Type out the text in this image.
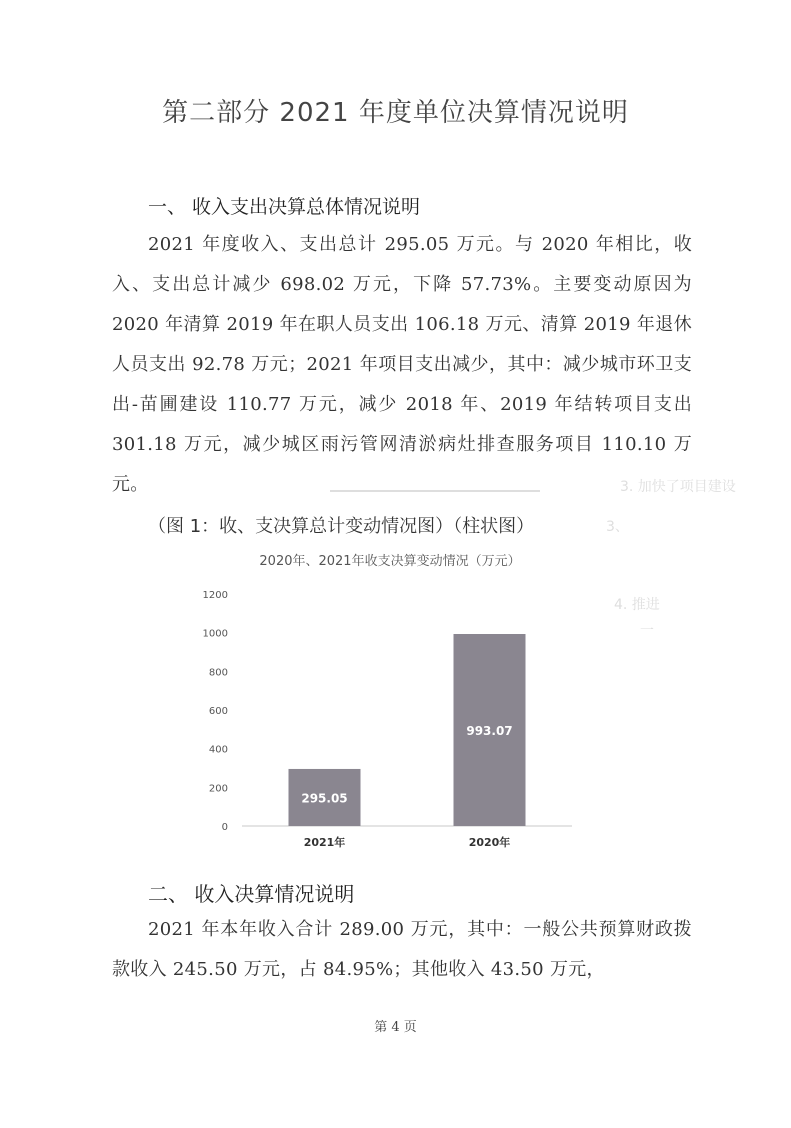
3. 加快了项目建设
3、
4. 推进
一
第二部分 2021 年度单位决算情况说明
一、 收入支出决算总体情况说明

2021 年度收入、支出总计 295.05 万元。与 2020 年相比，收入、支出总计减少 698.02 万元，下降 57.73%。主要变动原因为 2020 年清算 2019 年在职人员支出 106.18 万元、清算 2019 年退休人员支出 92.78 万元；2021 年项目支出减少，其中：减少城市环卫支出-苗圃建设 110.77 万元，减少 2018 年、2019 年结转项目支出 301.18 万元，减少城区雨污管网清淤病灶排查服务项目 110.10 万元。

（图 1：收、支决算总计变动情况图）（柱状图）
2020年、2021年收支决算变动情况（万元）
0
200
400
600
800
1000
1200
295.05
2021年
993.07
2020年
二、 收入决算情况说明

2021 年本年收入合计 289.00 万元，其中：一般公共预算财政拨款收入 245.50 万元，占 84.95%；其他收入 43.50 万元，

第 4 页
